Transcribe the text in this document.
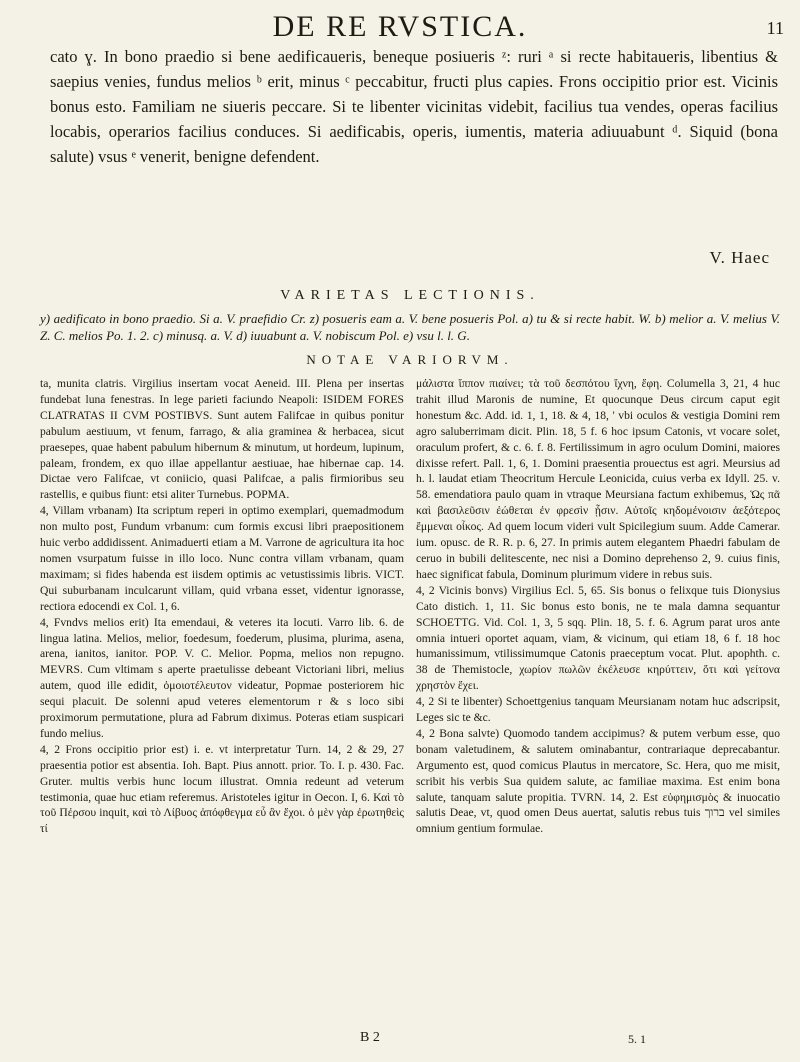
DE RE RVSTICA.	11

cato ɣ. In bono praedio si bene aedificaueris, beneque posiueris ᶻ: ruri ᵃ si recte habitaueris, libentius & saepius venies, fundus melios ᵇ erit, minus ᶜ peccabitur, fructi plus capies. Frons occipitio prior est. Vicinis bonus esto. Familiam ne siueris peccare. Si te libenter vicinitas videbit, facilius tua vendes, operas facilius locabis, operarios facilius conduces. Si aedificabis, operis, iumentis, materia adiuuabunt ᵈ. Siquid (bona salute) vsus ᵉ venerit, benigne defendent.

V. Haec
VARIETAS LECTIONIS.

y) aedificato in bono praedio. Si a. V. praefidio Cr. z) posueris eam a. V. bene posueris Pol. a) tu & si recte habit. W. b) melior a. V. melius V. Z. C. melios Po. 1. 2. c) minusq. a. V. d) iuuabunt a. V. nobiscum Pol. e) vsu l. l. G.

NOTAE VARIORVM.

ta, munita clatris. Virgilius insertam vocat Aeneid. III. Plena per insertas fundebat luna fenestras. In lege parieti faciundo Neapoli: ISIDEM FORES CLATRATAS II CVM POSTIBVS. Sunt autem Falifcae in quibus ponitur pabulum aestiuum, vt fenum, farrago, & alia gramineа & herbacea, sicut praesepes, quae habent pabulum hibernum & minutum, ut hordeum, lupinum, paleam, frondem, ex quo illae appellantur aestiuae, hae hibernae cap. 14. Dictae vero Falifcae, vt coniicio, quasi Palifcae, a palis firmioribus seu rastellis, e quibus fiunt: etsi aliter Turnebus. POPMA.

4, Villam vrbanam) Ita scriptum reperi in optimo exemplari, quemadmodum non multo post, Fundum vrbanum: cum formis excusi libri praepositionem huic verbo addidissent. Animaduerti etiam a M. Varrone de agricultura ita hoc nomen vsurpatum fuisse in illo loco. Nunc contra villam vrbanam, quam maximam; si fides habenda est iisdem optimis ac vetustissimis libris. VICT. Qui suburbanam inculcarunt villam, quid vrbana esset, videntur ignorasse, rectiora edocendi ex Col. 1, 6.

4, Fvndvs melios erit) Ita emendaui, & veteres ita locuti. Varro lib. 6. de lingua latina. Melios, melior, foedesum, foederum, plusima, plurima, asena, arena, ianitos, ianitor. POP. V. C. Melior. Popma, melios non repugno. MEVRS. Cum vltimam s aperte praetulisse debeant Victoriani libri, melius autem, quod ille edidit, ὁμοιοτέλευτον videatur, Popmae posteriorem hic sequi placuit. De solenni apud veteres elementorum r & s loco sibi proximorum permutatione, plura ad Fabrum diximus. Poteras etiam suspicari fundo melius.

4, 2 Frons occipitio prior est) i. e. vt interpretatur Turn. 14, 2 & 29, 27 praesentia potior est absentia. Ioh. Bapt. Pius annott. prior. To. I. p. 430. Fac. Gruter. multis verbis hunc locum illustrat. Omnia redeunt ad veterum testimonia, quae huc etiam referemus. Aristoteles igitur in Oecon. I, 6. Καὶ τὸ τοῦ Πέρσου inquit, καὶ τὸ Λίβυος ἀπόφθεγμα εὖ ἂν ἔχοι. ὁ μὲν γὰρ ἐρωτηθεὶς τί

μάλιστα ἵππον πιαίνει; τὰ τοῦ δεσπότου ἴχνη, ἔφη. Columella 3, 21, 4 huc trahit illud Maronis de numine, Et quocunque Deus circum caput egit honestum &c. Add. id. 1, 1, 18. & 4, 18, ' vbi oculos & vestigia Domini rem agro saluberrimam dicit. Plin. 18, 5 f. 6 hoc ipsum Catonis, vt vocare solet, oraculum profert, & c. 6. f. 8. Fertilissimum in agro oculum Domini, maiores dixisse refert. Pall. 1, 6, 1. Domini praesentia prouectus est agri. Meursius ad h. l. laudat etiam Theocritum Hercule Leonicida, cuius verba ex Idyll. 25. v. 58. emendatiora paulo quam in vtraque Meursiana factum exhibemus, Ὡς πᾶ καὶ βασιλεῦσιν ἐώθεται ἐν φρεσὶν ᾗσιν. Αὐτοῖς κηδομένοισιν ἀεξότερος ἔμμεναι οἶκος. Ad quem locum videri vult Spicilegium suum. Adde Camerar. ium. opusc. de R. R. p. 6, 27. In primis autem elegantem Phaedri fabulam de ceruo in bubili delitescente, nec nisi a Domino deprehenso 2, 9. cuius finis, haec significat fabula, Dominum plurimum videre in rebus suis.

4, 2 Vicinis bonvs) Virgilius Ecl. 5, 65. Sis bonus o felixque tuis Dionysius Cato distich. 1, 11. Sic bonus esto bonis, ne te mala damna sequantur SCHOETTG. Vid. Col. 1, 3, 5 sqq. Plin. 18, 5. f. 6. Agrum parat uros ante omnia intueri oportet aquam, viam, & vicinum, qui etiam 18, 6 f. 18 hoc humanissimum, vtilissimumque Catonis praeceptum vocat. Plut. apophth. c. 38 de Themistocle, χωρίον πωλῶν ἐκέλευσε κηρύττειν, ὅτι καὶ γείτονα χρηστὸν ἔχει.

4, 2 Si te libenter) Schoettgenius tanquam Meursianam notam huc adscripsit, Leges sic te &c.

4, 2 Bona salvte) Quomodo tandem accipimus? & putem verbum esse, quo bonam valetudinem, & salutem ominabantur, contrariaque deprecabantur. Argumento est, quod comicus Plautus in mercatore, Sc. Hera, quo me misit, scribit his verbis Sua quidem salute, ac familiae maxima. Est enim bona salute, tanquam salute propitia. TVRN. 14, 2. Est εὐφημισμὸς & inuocatio salutis Deae, vt, quod omen Deus auertat, salutis rebus tuis ברוך vel similes omnium gentium formulae.

B 2	5. 1
